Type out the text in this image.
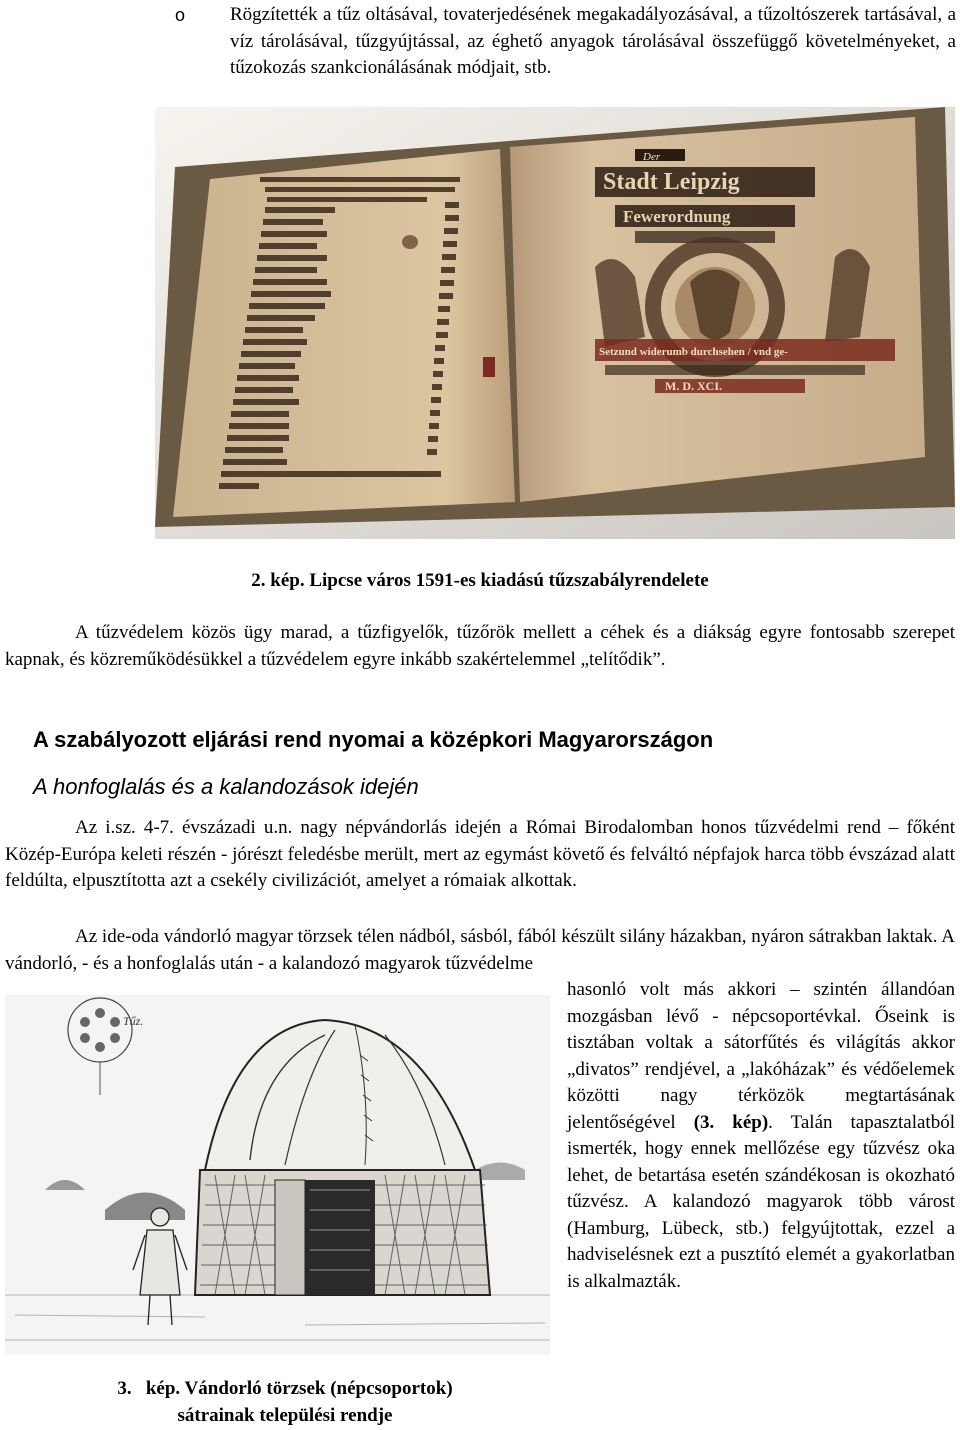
o Rögzítették a tűz oltásával, tovaterjedésének megakadályozásával, a tűzoltószerek tartásával, a víz tárolásával, tűzgyújtással, az éghető anyagok tárolásával összefüggő követelményeket, a tűzokozás szankcionálásának módjait, stb.
2. kép. Lipcse város 1591-es kiadású tűzszabályrendelete
A tűzvédelem közös ügy marad, a tűzfigyelők, tűzőrök mellett a céhek és a diákság egyre fontosabb szerepet kapnak, és közreműködésükkel a tűzvédelem egyre inkább szakértelemmel „telítődik”.
A szabályozott eljárási rend nyomai a középkori Magyarországon
A honfoglalás és a kalandozások idején
Az i.sz. 4-7. évszázadi u.n. nagy népvándorlás idején a Római Birodalomban honos tűzvédelmi rend – főként Közép-Európa keleti részén - jórészt feledésbe merült, mert az egymást követő és felváltó népfajok harca több évszázad alatt feldúlta, elpusztította azt a csekély civilizációt, amelyet a rómaiak alkottak.
Az ide-oda vándorló magyar törzsek télen nádból, sásból, fából készült silány házakban, nyáron sátrakban laktak. A vándorló, - és a honfoglalás után - a kalandozó magyarok tűzvédelme
Tűz.
hasonló volt más akkori – szintén állandóan mozgásban lévő - népcsoportévkal. Őseink is tisztában voltak a sátorfűtés és világítás akkor „divatos” rendjével, a „lakóházak” és védőelemek közötti nagy térközök megtartásának jelentőségével (3. kép). Talán tapasztalatból ismerték, hogy ennek mellőzése egy tűzvész oka lehet, de betartása esetén szándékosan is okozható tűzvész. A kalandozó magyarok több várost (Hamburg, Lübeck, stb.) felgyújtottak, ezzel a hadviselésnek ezt a pusztító elemét a gyakorlatban is alkalmazták.
3.   kép. Vándorló törzsek (népcsoportok)
sátrainak települési rendje
Der
Stadt Leipzig
Fewerordnung
Setzund widerumb durchsehen / vnd ge-
M. D. XCI.
